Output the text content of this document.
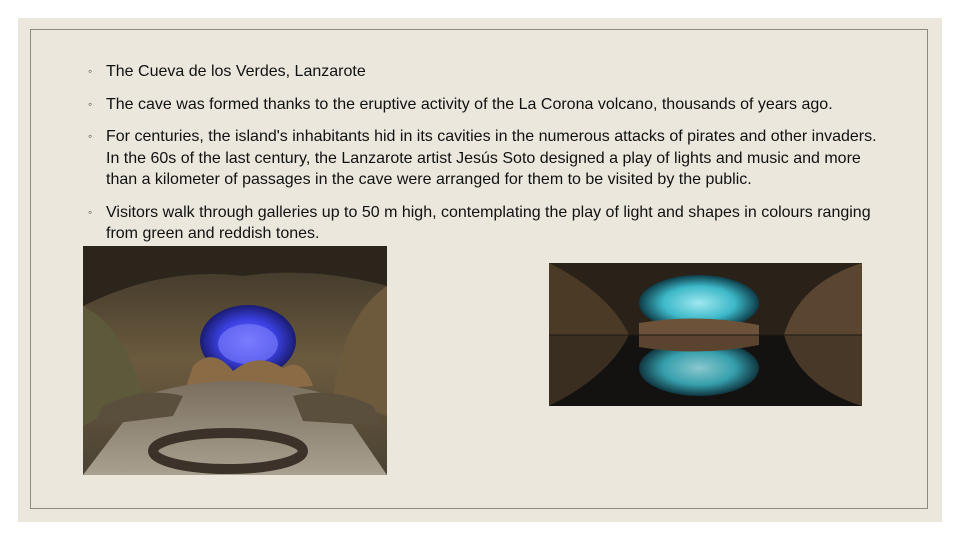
◦ The Cueva de los Verdes, Lanzarote
◦ The cave was formed thanks to the eruptive activity of the La Corona volcano, thousands of years ago.
◦ For centuries, the island's inhabitants hid in its cavities in the numerous attacks of pirates and other invaders. In the 60s of the last century, the Lanzarote artist Jesús Soto designed a play of lights and music and more than a kilometer of passages in the cave were arranged for them to be visited by the public.
◦ Visitors walk through galleries up to 50 m high, contemplating the play of light and shapes in colours ranging from green and reddish tones.
